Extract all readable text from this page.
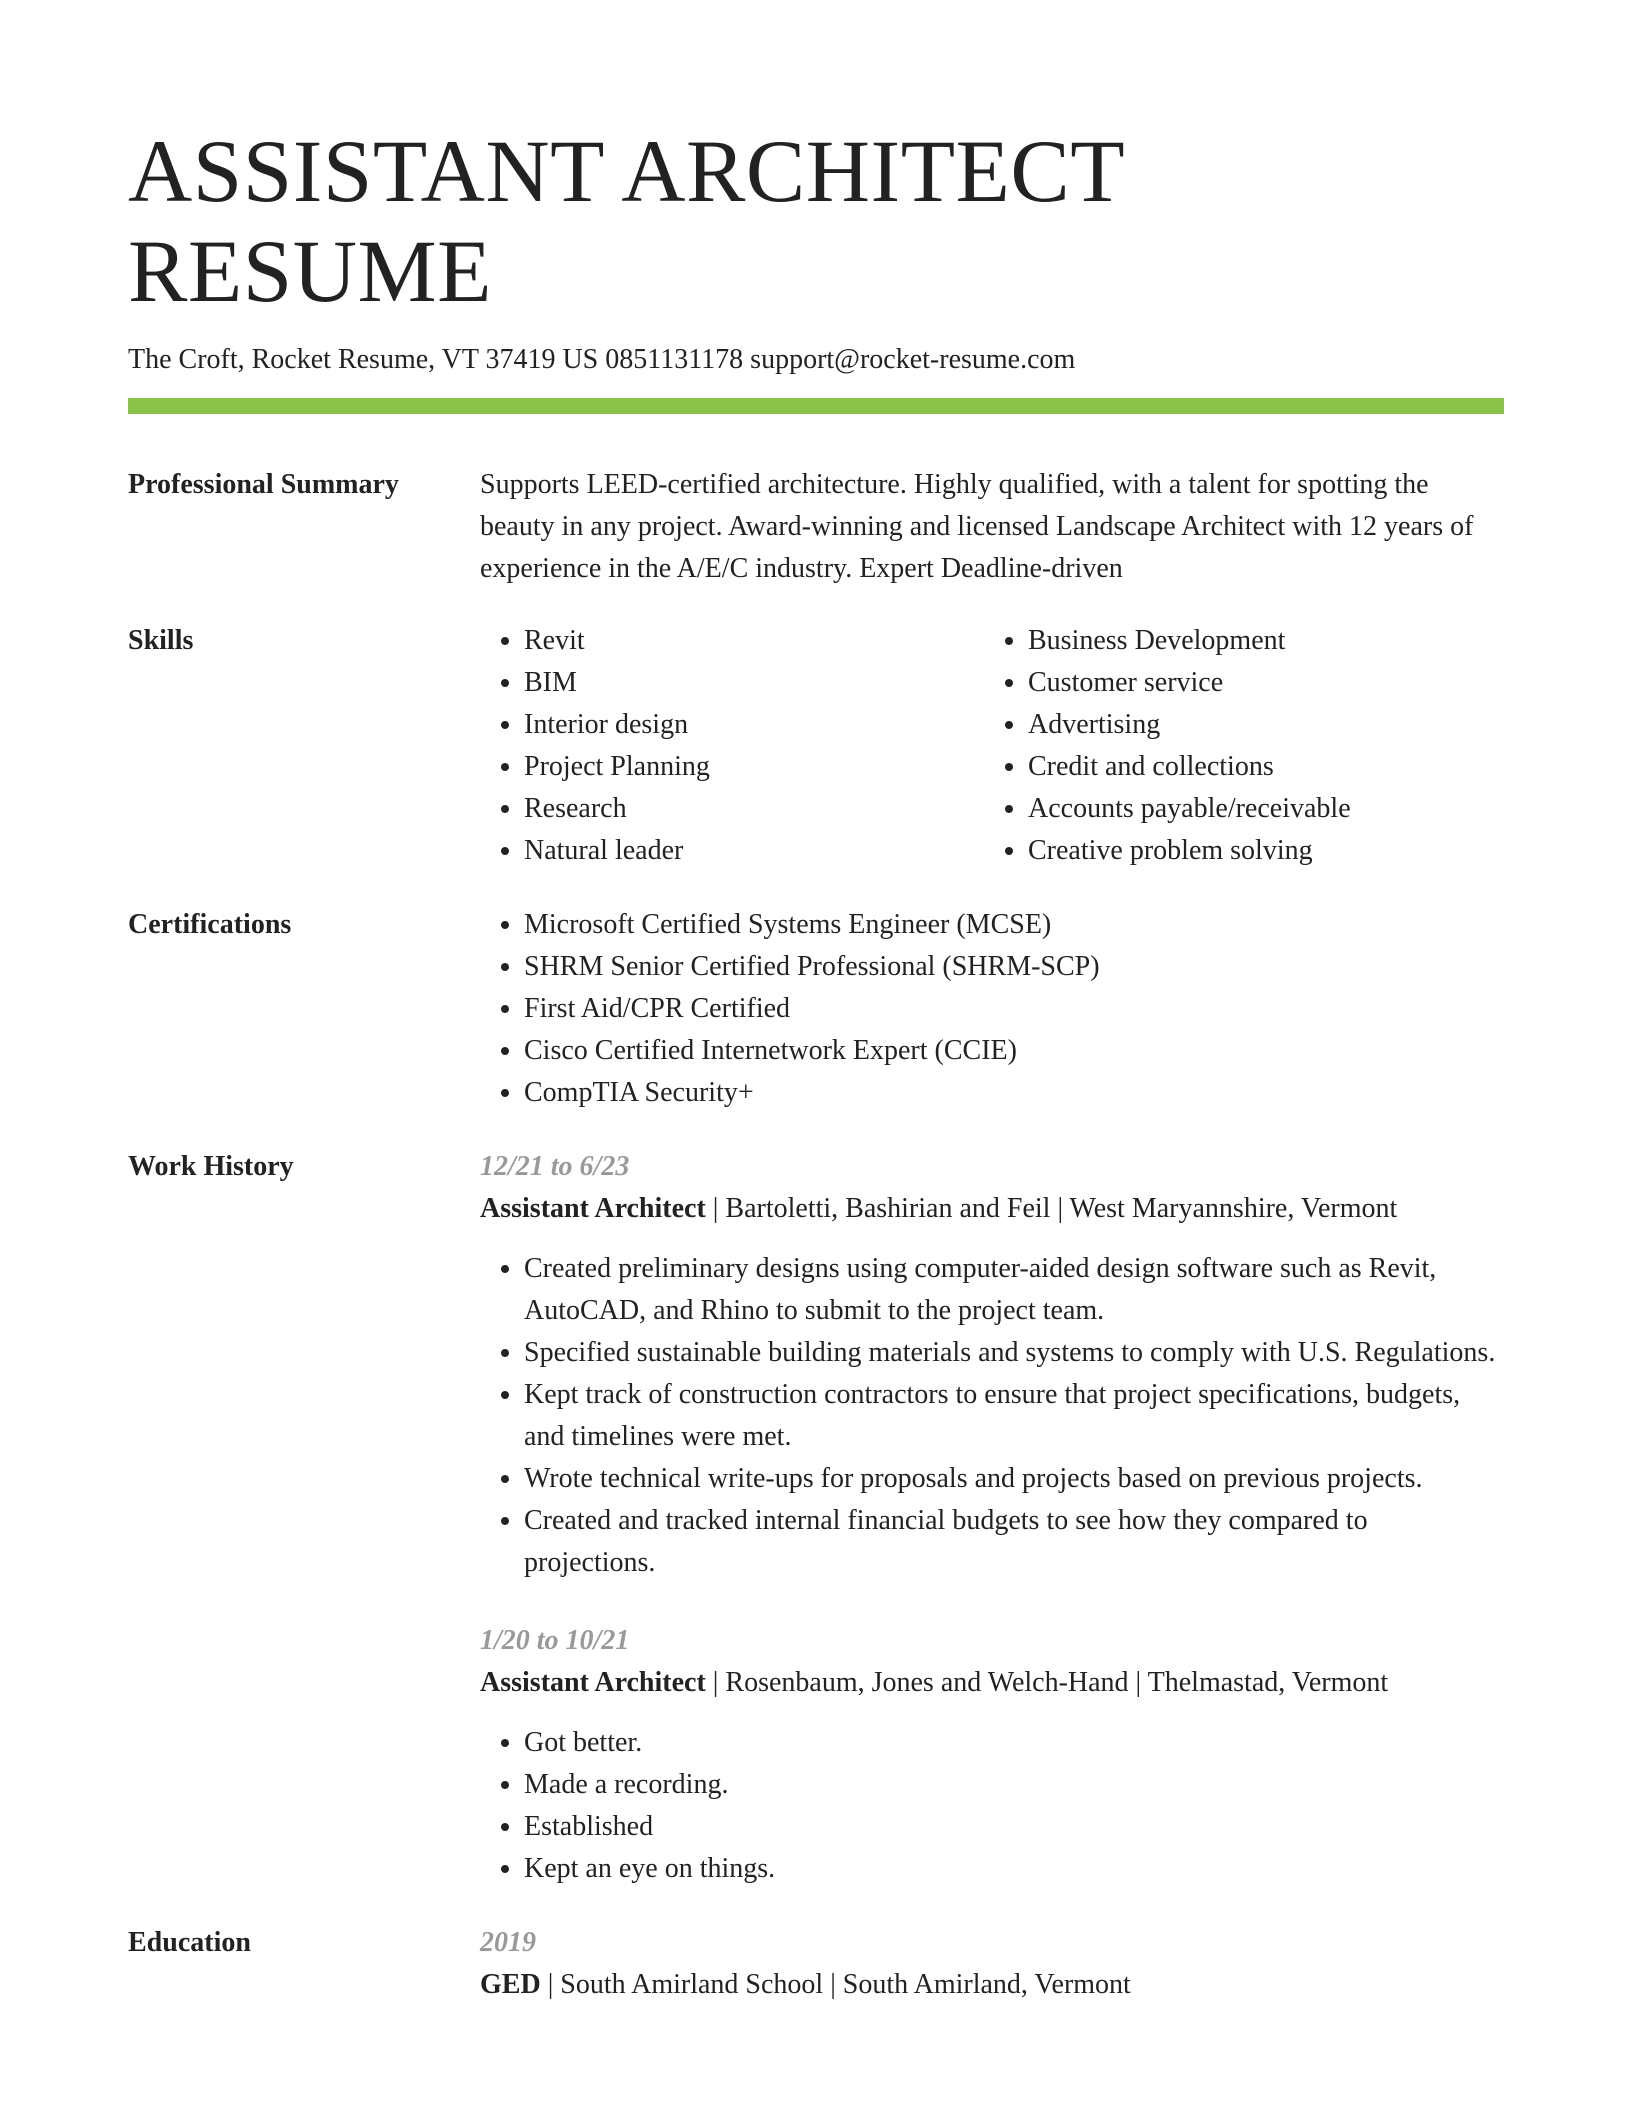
ASSISTANT ARCHITECT RESUME
The Croft, Rocket Resume, VT 37419 US 0851131178 support@rocket-resume.com
Professional Summary	Supports LEED-certified architecture. Highly qualified, with a talent for spotting the beauty in any project. Award-winning and licensed Landscape Architect with 12 years of experience in the A/E/C industry. Expert Deadline-driven
Skills	• Revit
• BIM
• Interior design
• Project Planning
• Research
• Natural leader
• Business Development
• Customer service
• Advertising
• Credit and collections
• Accounts payable/receivable
• Creative problem solving
Certifications	• Microsoft Certified Systems Engineer (MCSE)
• SHRM Senior Certified Professional (SHRM-SCP)
• First Aid/CPR Certified
• Cisco Certified Internetwork Expert (CCIE)
• CompTIA Security+
Work History	12/21 to 6/23
Assistant Architect | Bartoletti, Bashirian and Feil | West Maryannshire, Vermont
• Created preliminary designs using computer-aided design software such as Revit, AutoCAD, and Rhino to submit to the project team.
• Specified sustainable building materials and systems to comply with U.S. Regulations.
• Kept track of construction contractors to ensure that project specifications, budgets, and timelines were met.
• Wrote technical write-ups for proposals and projects based on previous projects.
• Created and tracked internal financial budgets to see how they compared to projections.
1/20 to 10/21
Assistant Architect | Rosenbaum, Jones and Welch-Hand | Thelmastad, Vermont
• Got better.
• Made a recording.
• Established
• Kept an eye on things.
Education	2019
GED | South Amirland School | South Amirland, Vermont
